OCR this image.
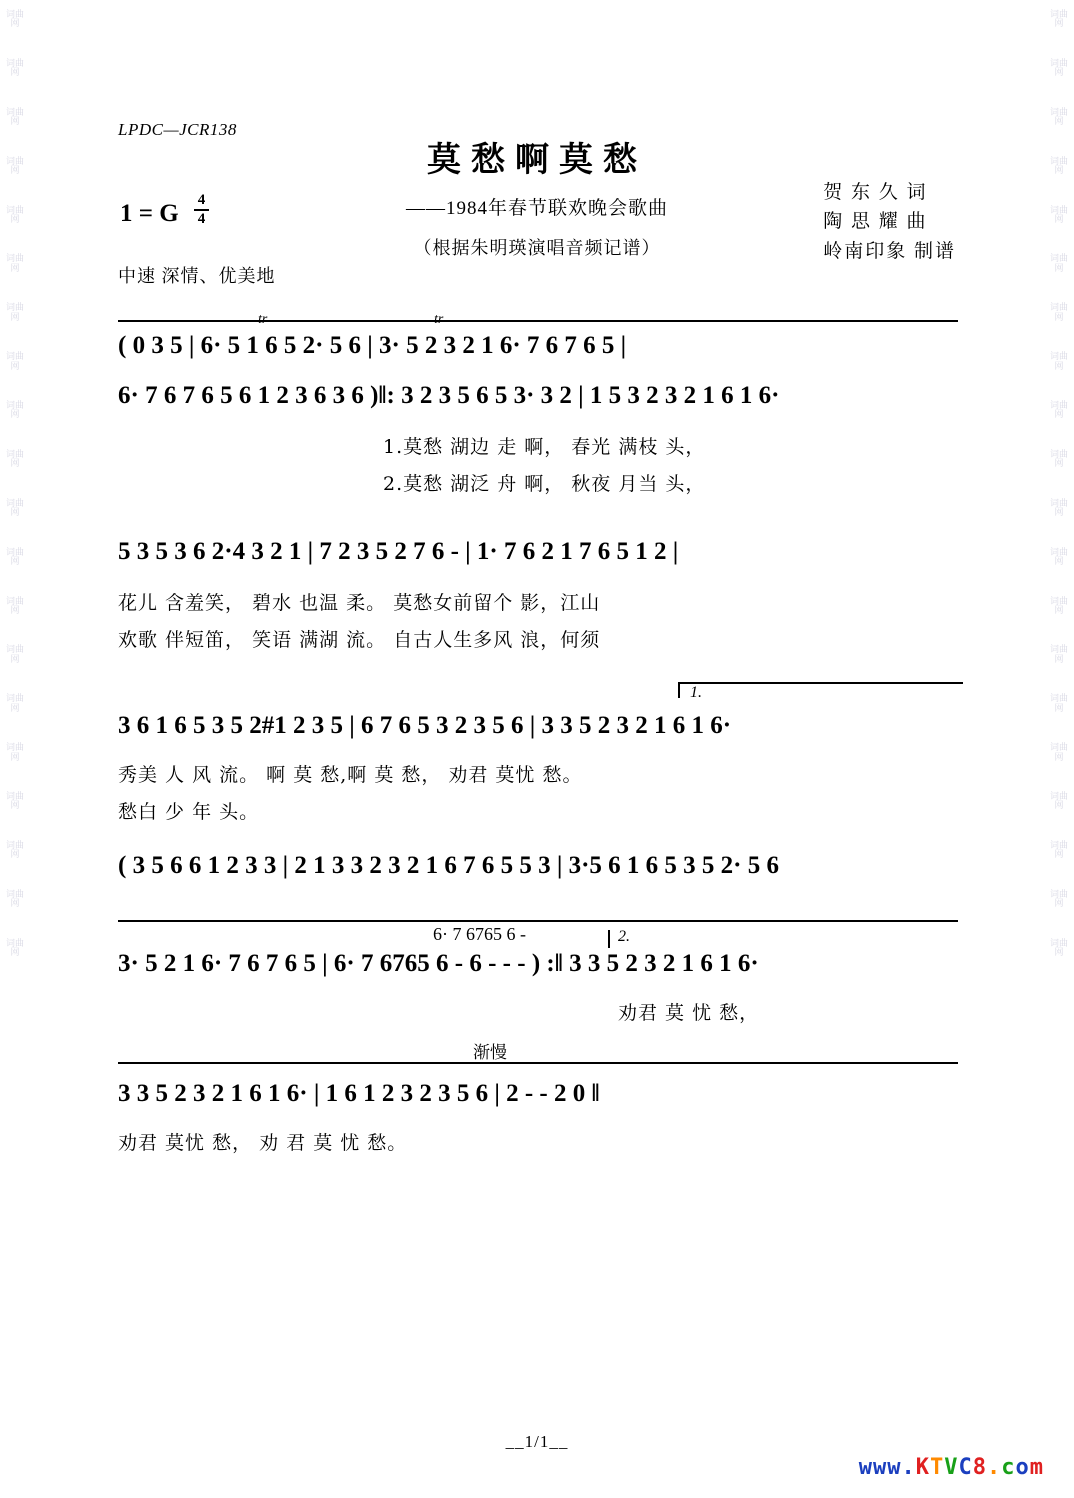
词曲网
词曲网
词曲网
词曲网
词曲网
词曲网
词曲网
词曲网
词曲网
词曲网
词曲网
词曲网
词曲网
词曲网
词曲网
词曲网
词曲网
词曲网
词曲网
词曲网
词曲网
词曲网
词曲网
词曲网
词曲网
词曲网
词曲网
词曲网
词曲网
词曲网
词曲网
词曲网
词曲网
词曲网
词曲网
词曲网
词曲网
词曲网
词曲网
词曲网
LPDC—JCR138
莫愁啊莫愁
——1984年春节联欢晚会歌曲
（根据朱明瑛演唱音频记谱）
1 = G $\frac{4}{4}$
中速 深情、优美地
贺 东 久 词
陶 思 耀 曲
岭南印象 制谱
tr	tr
( 0 3 5 | 6· 5 1 6 5 2· 5 6 | 3· 5 2 3 2 1 6· 7 6 7 6 5 |
6· 7 6 7 6 5 6 1 2 3 6 3 6 )‖: 3 2 3 5 6 5 3· 3 2 | 1 5 3 2 3 2 1 6 1 6·
1.莫愁 湖边 走 啊， 春光 满枝 头，
2.莫愁 湖泛 舟 啊， 秋夜 月当 头，
5 3 5 3 6 2·4 3 2 1 | 7 2 3 5 2 7 6 - | 1· 7 6 2 1 7 6 5 1 2 |
花儿 含羞笑， 碧水 也温 柔。 莫愁女前留个 影，江山
欢歌 伴短笛， 笑语 满湖 流。 自古人生多风 浪，何须
1.
3 6 1 6 5 3 5 2#1 2 3 5 | 6 7 6 5 3 2 3 5 6 | 3 3 5 2 3 2 1 6 1 6·
秀美 人 风 流。 啊 莫 愁,啊 莫 愁， 劝君 莫忧 愁。
愁白 少 年 头。
( 3 5 6 6 1 2 3 3 | 2 1 3 3 2 3 2 1 6 7 6 5 5 3 | 3·5 6 1 6 5 3 5 2· 5 6
6· 7 6765 6 -	2.
3· 5 2 1 6· 7 6 7 6 5 | 6· 7 6765 6 - 6 - - - ) :‖ 3 3 5 2 3 2 1 6 1 6·
劝君 莫 忧 愁，
渐慢
3 3 5 2 3 2 1 6 1 6· | 1 6 1 2 3 2 3 5 6 | 2 - - 2 0 ‖
劝君 莫忧 愁， 劝 君 莫 忧 愁。
__1/1__
www.KTVC8.com
